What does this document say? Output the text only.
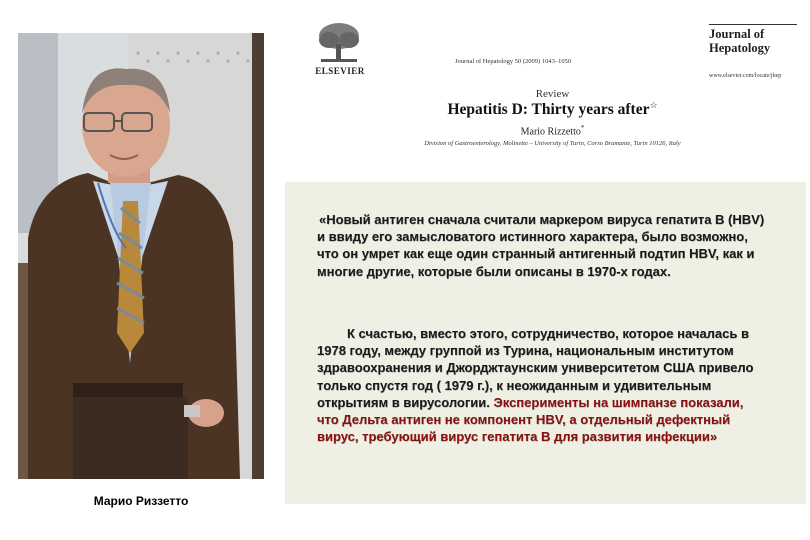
Марио Риззетто
ELSEVIER
Journal of Hepatology 50 (2009) 1043–1050
Journal of Hepatology
www.elsevier.com/locate/jhep
Review
Hepatitis D: Thirty years after☆
Mario Rizzetto*
Division of Gastroenterology, Molinette – University of Turin, Corso Bramante, Turin 10126, Italy
«Новый антиген сначала считали маркером вируса гепатита В (HBV) и ввиду его замысловатого истинного характера, было возможно, что он умрет как еще один странный антигенный подтип HBV, как и многие другие, которые были описаны в 1970-х годах.
К счастью, вместо этого, сотрудничество, которое началась в 1978 году, между группой из Турина, национальным институтом здравоохранения и Джорджтаунским университетом США привело только спустя год ( 1979 г.), к неожиданным и удивительным открытиям в вирусологии. Эксперименты на шимпанзе показали, что Дельта антиген не компонент HBV, а отдельный дефектный вирус, требующий вирус гепатита В для развития инфекции»
